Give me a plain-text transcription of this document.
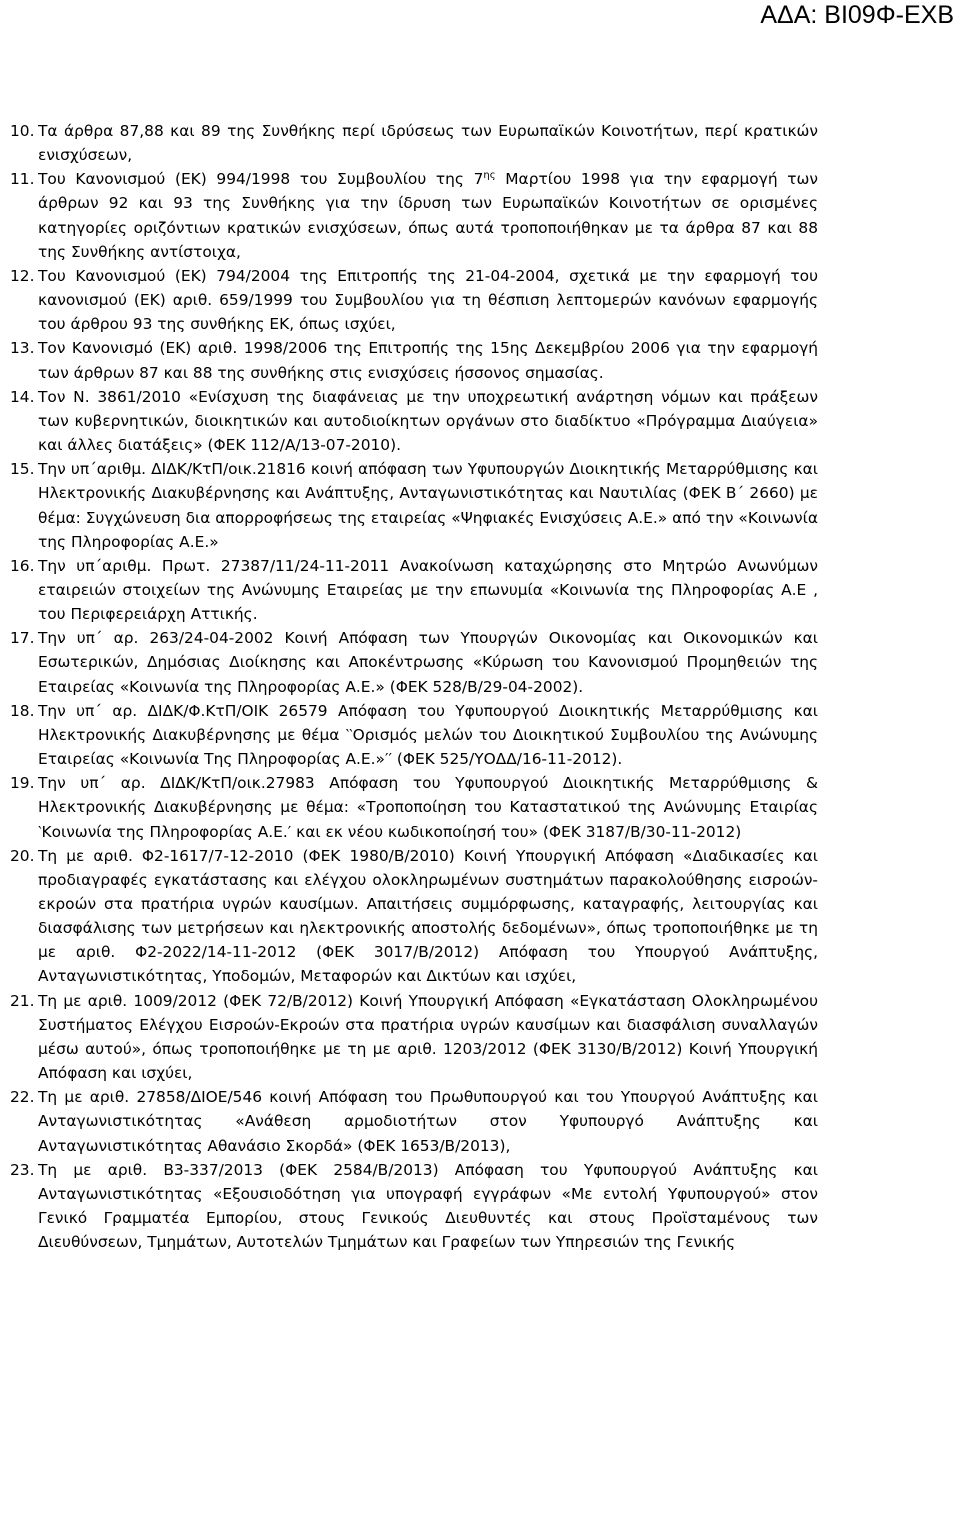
ΑΔΑ: ΒΙ09Φ-ΕΧΒ
10. Τα άρθρα 87,88 και 89 της Συνθήκης περί ιδρύσεως των Ευρωπαϊκών Κοινοτήτων, περί κρατικών ενισχύσεων,
11. Του Κανονισμού (ΕΚ) 994/1998 του Συμβουλίου της $7^{\eta\varsigma}$ Μαρτίου 1998 για την εφαρμογή των άρθρων 92 και 93 της Συνθήκης για την ίδρυση των Ευρωπαϊκών Κοινοτήτων σε ορισμένες κατηγορίες οριζόντιων κρατικών ενισχύσεων, όπως αυτά τροποποιήθηκαν με τα άρθρα 87 και 88 της Συνθήκης αντίστοιχα,
12. Του Κανονισμού (ΕΚ) 794/2004 της Επιτροπής της 21-04-2004, σχετικά με την εφαρμογή του κανονισμού (ΕΚ) αριθ. 659/1999 του Συμβουλίου για τη θέσπιση λεπτομερών κανόνων εφαρμογής του άρθρου 93 της συνθήκης ΕΚ, όπως ισχύει,
13. Τον Κανονισμό (ΕΚ) αριθ. 1998/2006 της Επιτροπής της 15ης Δεκεμβρίου 2006 για την εφαρμογή των άρθρων 87 και 88 της συνθήκης στις ενισχύσεις ήσσονος σημασίας.
14. Τον Ν. 3861/2010 «Ενίσχυση της διαφάνειας με την υποχρεωτική ανάρτηση νόμων και πράξεων των κυβερνητικών, διοικητικών και αυτοδιοίκητων οργάνων στο διαδίκτυο «Πρόγραμμα Διαύγεια» και άλλες διατάξεις» (ΦΕΚ 112/Α/13-07-2010).
15. Την υπ΄αριθμ. ΔΙΔΚ/ΚτΠ/οικ.21816 κοινή απόφαση των Υφυπουργών Διοικητικής Μεταρρύθμισης και Ηλεκτρονικής Διακυβέρνησης και Ανάπτυξης, Ανταγωνιστικότητας και Ναυτιλίας (ΦΕΚ Β΄ 2660) με θέμα: Συγχώνευση δια απορροφήσεως της εταιρείας «Ψηφιακές Ενισχύσεις Α.Ε.» από την «Κοινωνία της Πληροφορίας Α.Ε.»
16. Την υπ΄αριθμ. Πρωτ. 27387/11/24-11-2011 Ανακοίνωση καταχώρησης στο Μητρώο Ανωνύμων εταιρειών στοιχείων της Ανώνυμης Εταιρείας με την επωνυμία «Κοινωνία της Πληροφορίας Α.Ε , του Περιφερειάρχη Αττικής.
17. Την υπ΄ αρ. 263/24-04-2002 Κοινή Απόφαση των Υπουργών Οικονομίας και Οικονομικών και Εσωτερικών, Δημόσιας Διοίκησης και Αποκέντρωσης «Κύρωση του Κανονισμού Προμηθειών της Εταιρείας «Κοινωνία της Πληροφορίας Α.Ε.» (ΦΕΚ 528/Β/29-04-2002).
18. Την υπ΄ αρ. ΔΙΔΚ/Φ.ΚτΠ/ΟΙΚ 26579 Απόφαση του Υφυπουργού Διοικητικής Μεταρρύθμισης και Ηλεκτρονικής Διακυβέρνησης με θέμα ‵‵Ορισμός μελών του Διοικητικού Συμβουλίου της Ανώνυμης Εταιρείας «Κοινωνία Της Πληροφορίας Α.Ε.»′′ (ΦΕΚ 525/ΥΟΔΔ/16-11-2012).
19. Την υπ΄ αρ. ΔΙΔΚ/ΚτΠ/οικ.27983 Απόφαση του Υφυπουργού Διοικητικής Μεταρρύθμισης & Ηλεκτρονικής Διακυβέρνησης με θέμα: «Τροποποίηση του Καταστατικού της Ανώνυμης Εταιρίας ‵Κοινωνία της Πληροφορίας Α.Ε.′ και εκ νέου κωδικοποίησή του» (ΦΕΚ 3187/Β/30-11-2012)
20. Τη με αριθ. Φ2-1617/7-12-2010 (ΦΕΚ 1980/Β/2010) Κοινή Υπουργική Απόφαση «Διαδικασίες και προδιαγραφές εγκατάστασης και ελέγχου ολοκληρωμένων συστημάτων παρακολούθησης εισροών-εκροών στα πρατήρια υγρών καυσίμων. Απαιτήσεις συμμόρφωσης, καταγραφής, λειτουργίας και διασφάλισης των μετρήσεων και ηλεκτρονικής αποστολής δεδομένων», όπως τροποποιήθηκε με τη με αριθ. Φ2-2022/14-11-2012 (ΦΕΚ 3017/Β/2012) Απόφαση του Υπουργού Ανάπτυξης, Ανταγωνιστικότητας, Υποδομών, Μεταφορών και Δικτύων και ισχύει,
21. Τη με αριθ. 1009/2012 (ΦΕΚ 72/Β/2012) Κοινή Υπουργική Απόφαση «Εγκατάσταση Ολοκληρωμένου Συστήματος Ελέγχου Εισροών-Εκροών στα πρατήρια υγρών καυσίμων και διασφάλιση συναλλαγών μέσω αυτού», όπως τροποποιήθηκε με τη με αριθ. 1203/2012 (ΦΕΚ 3130/Β/2012) Κοινή Υπουργική Απόφαση και ισχύει,
22. Τη με αριθ. 27858/ΔΙΟΕ/546 κοινή Απόφαση του Πρωθυπουργού και του Υπουργού Ανάπτυξης και Ανταγωνιστικότητας «Ανάθεση αρμοδιοτήτων στον Υφυπουργό Ανάπτυξης και Ανταγωνιστικότητας Αθανάσιο Σκορδά» (ΦΕΚ 1653/Β/2013),
23. Τη με αριθ. Β3-337/2013 (ΦΕΚ 2584/Β/2013) Απόφαση του Υφυπουργού Ανάπτυξης και Ανταγωνιστικότητας «Εξουσιοδότηση για υπογραφή εγγράφων «Με εντολή Υφυπουργού» στον Γενικό Γραμματέα Εμπορίου, στους Γενικούς Διευθυντές και στους Προϊσταμένους των Διευθύνσεων, Τμημάτων, Αυτοτελών Τμημάτων και Γραφείων των Υπηρεσιών της Γενικής
